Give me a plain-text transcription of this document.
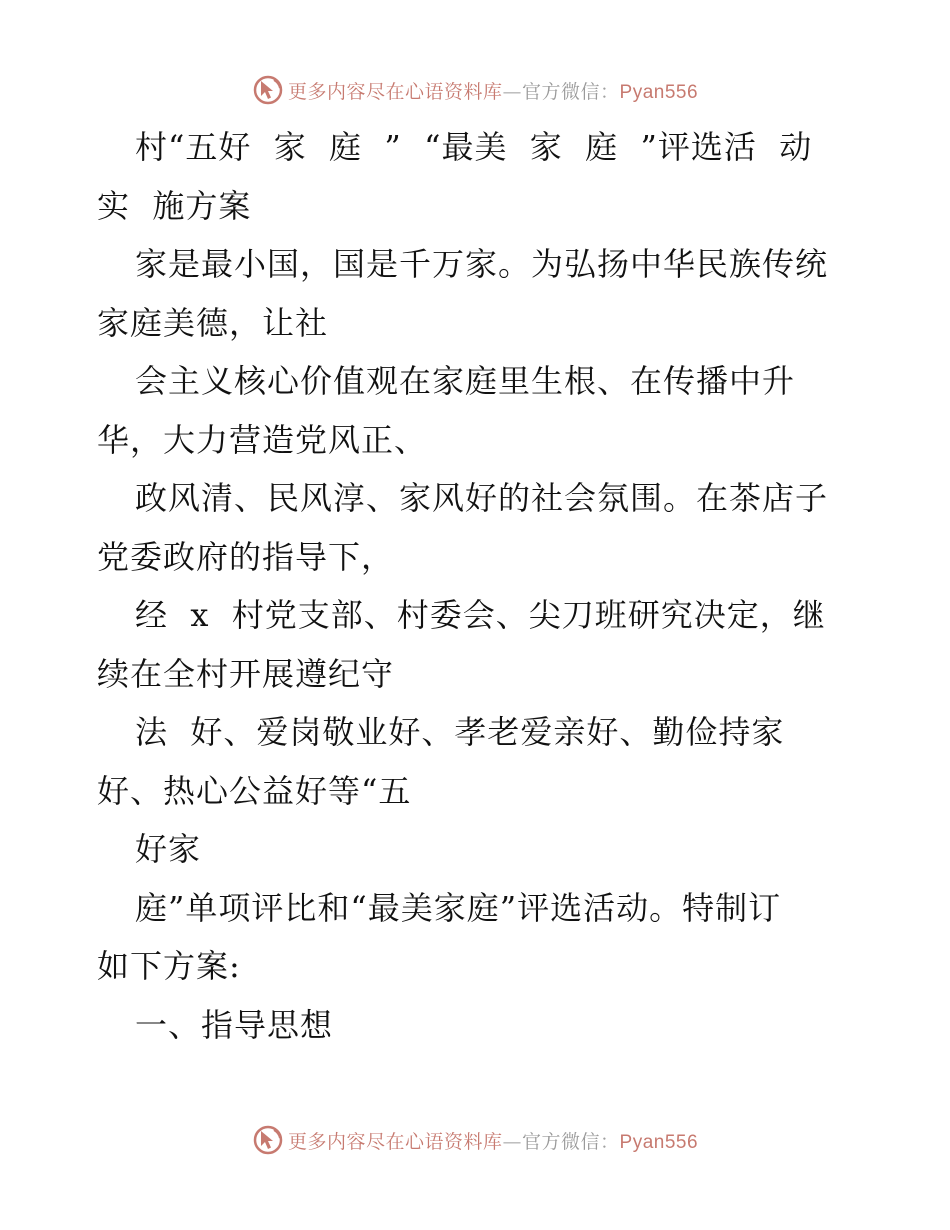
更多内容尽在心语资料库—官方微信：Pyan556
村“五好  家  庭  ”  “最美  家  庭  ”评选活  动
实  施方案
家是最小国，国是千万家。为弘扬中华民族传统
家庭美德，让社
会主义核心价值观在家庭里生根、在传播中升
华，大力营造党风正、
政风清、民风淳、家风好的社会氛围。在茶店子
党委政府的指导下，
经  x  村党支部、村委会、尖刀班研究决定，继
续在全村开展遵纪守
法  好、爱岗敬业好、孝老爱亲好、勤俭持家
好、热心公益好等“五
好家
庭”单项评比和“最美家庭”评选活动。特制订
如下方案:
一、指导思想
更多内容尽在心语资料库—官方微信：Pyan556
